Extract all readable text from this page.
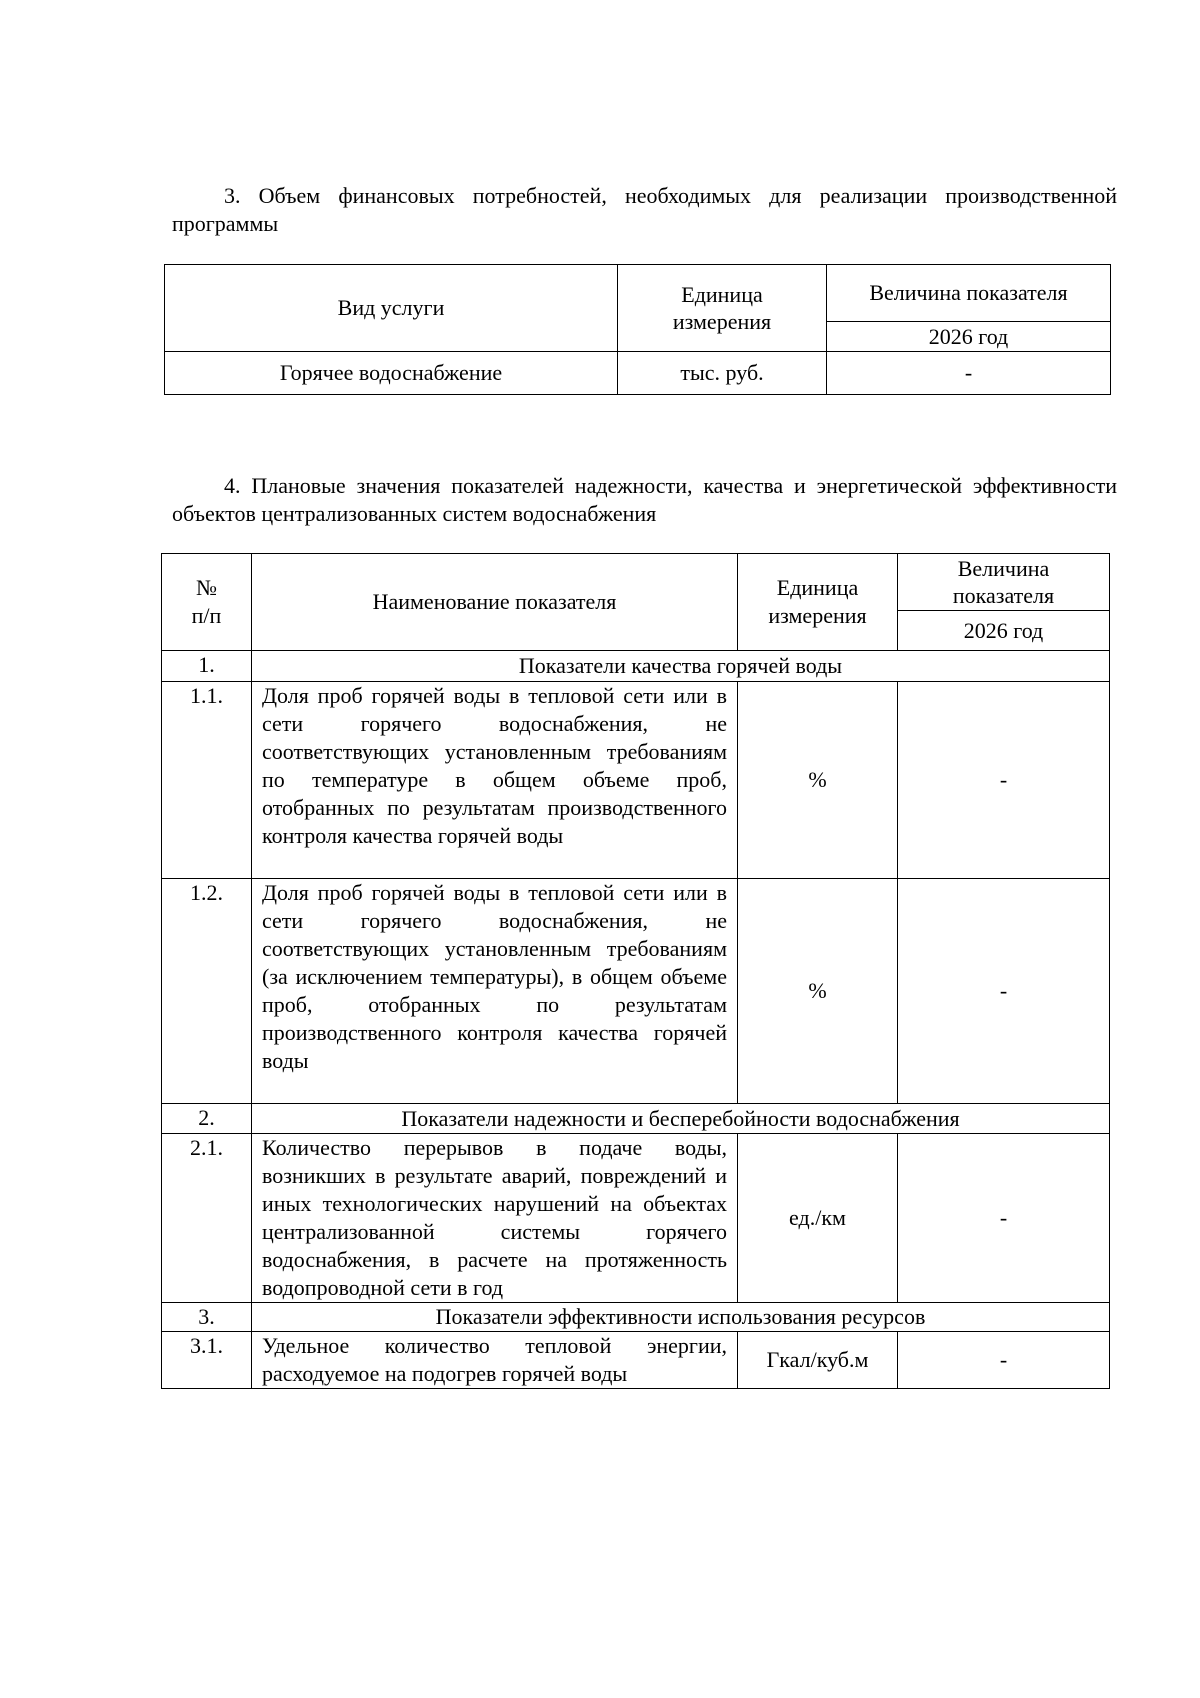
3. Объем финансовых потребностей, необходимых для реализации производственной программы

Вид услуги	Единица измерения	Величина показателя
		2026 год
Горячее водоснабжение	тыс. руб.	-

4. Плановые значения показателей надежности, качества и энергетической эффективности объектов централизованных систем водоснабжения

№ п/п	Наименование показателя	Единица измерения	Величина показателя

			2026 год
1.	Показатели качества горячей воды		
1.1.	Доля проб горячей воды в тепловой сети или в сети горячего водоснабжения, не соответствующих установленным требованиям по температуре в общем объеме проб, отобранных по результатам производственного контроля качества горячей воды	%	-
1.2.	Доля проб горячей воды в тепловой сети или в сети горячего водоснабжения, не соответствующих установленным требованиям (за исключением температуры), в общем объеме проб, отобранных по результатам производственного контроля качества горячей воды	%	-
2.	Показатели надежности и бесперебойности водоснабжения		
2.1.	Количество перерывов в подаче воды, возникших в результате аварий, повреждений и иных технологических нарушений на объектах централизованной системы горячего водоснабжения, в расчете на протяженность водопроводной сети в год	ед./км	-
3.	Показатели эффективности использования ресурсов		
3.1.	Удельное количество тепловой энергии, расходуемое на подогрев горячей воды	Гкал/куб.м	-
